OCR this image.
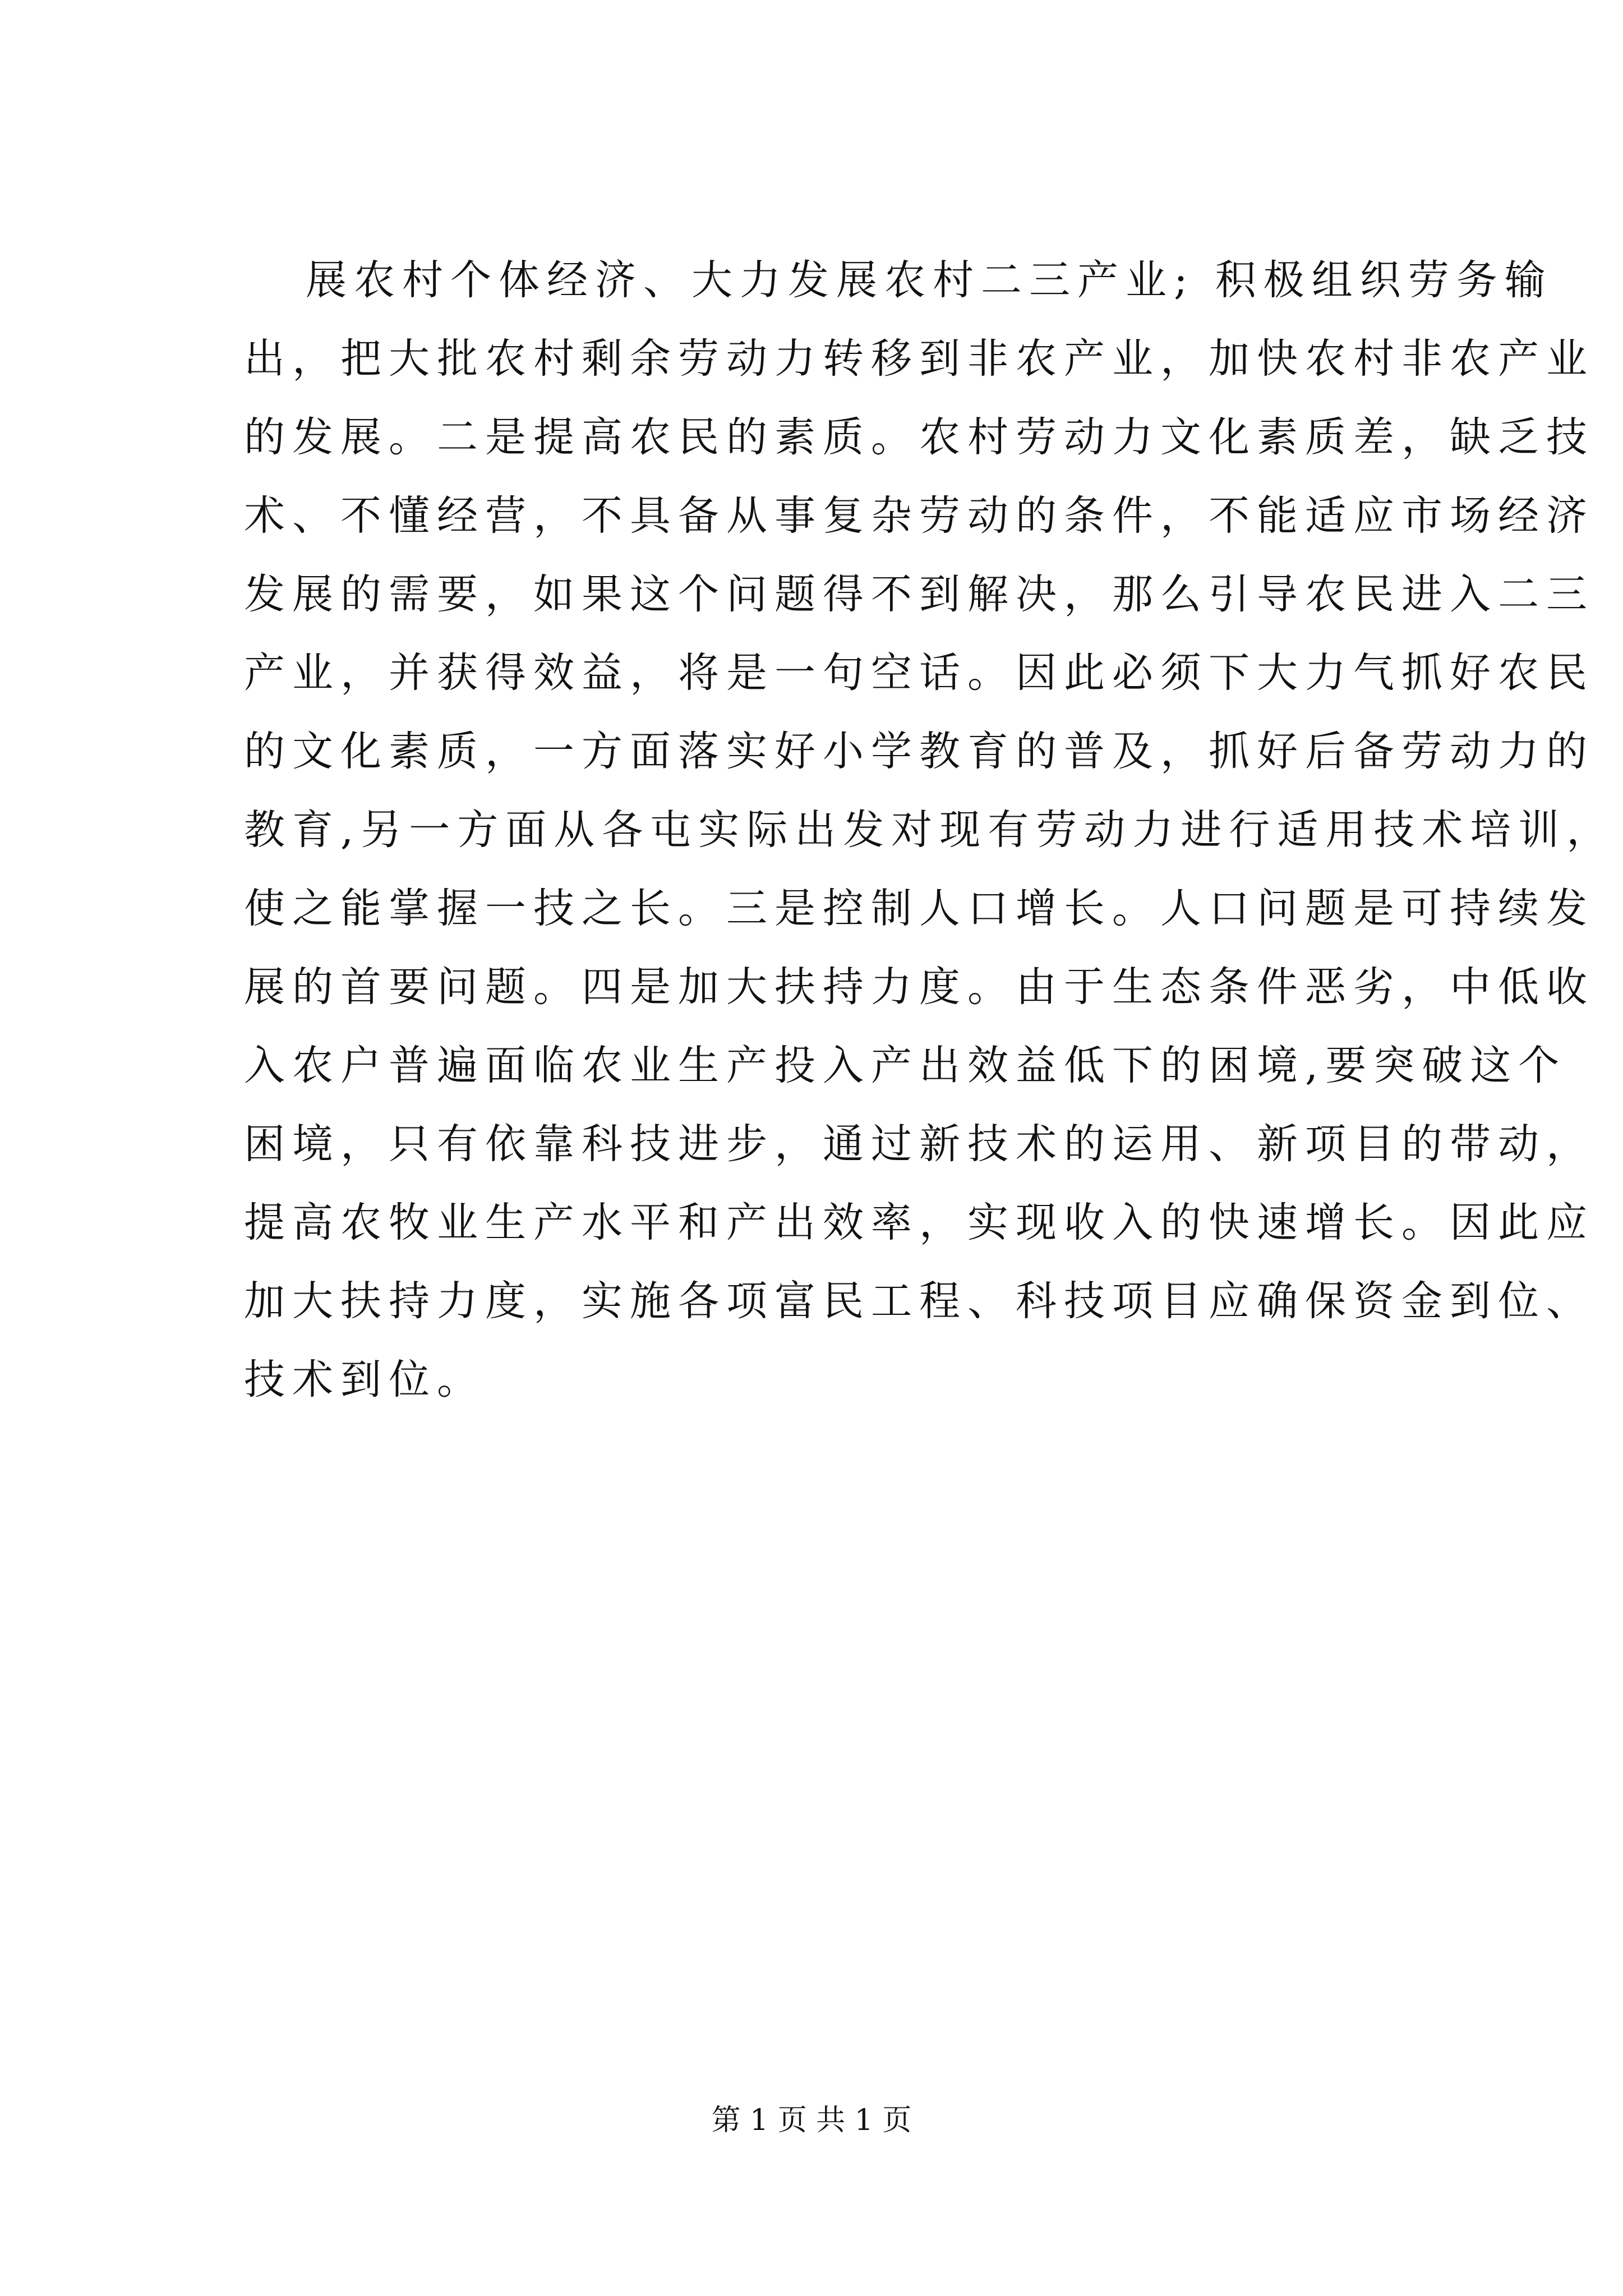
展农村个体经济、大力发展农村二三产业; 积极组织劳务输
出，把大批农村剩余劳动力转移到非农产业，加快农村非农产业
的发展。二是提高农民的素质。农村劳动力文化素质差，缺乏技
术、不懂经营，不具备从事复杂劳动的条件，不能适应市场经济
发展的需要，如果这个问题得不到解决，那么引导农民进入二三
产业，并获得效益，将是一句空话。因此必须下大力气抓好农民
的文化素质，一方面落实好小学教育的普及，抓好后备劳动力的
教育,另一方面从各屯实际出发对现有劳动力进行适用技术培训，
使之能掌握一技之长。三是控制人口增长。人口问题是可持续发
展的首要问题。四是加大扶持力度。由于生态条件恶劣，中低收
入农户普遍面临农业生产投入产出效益低下的困境,要突破这个
困境，只有依靠科技进步，通过新技术的运用、新项目的带动，
提高农牧业生产水平和产出效率，实现收入的快速增长。因此应
加大扶持力度，实施各项富民工程、科技项目应确保资金到位、
技术到位。
第 1 页 共 1 页
